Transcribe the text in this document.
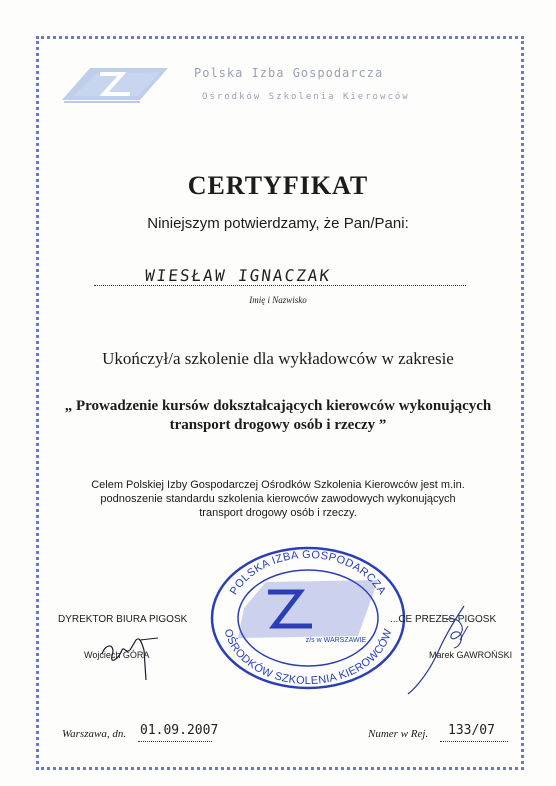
Polska Izba Gospodarcza
Ośrodków Szkolenia Kierowców
CERTYFIKAT
Niniejszym potwierdzamy, że Pan/Pani:
WIESŁAW IGNACZAK
Imię i Nazwisko
Ukończył/a szkolenie dla wykładowców w zakresie
„ Prowadzenie kursów dokształcających kierowców wykonujących
transport drogowy osób i rzeczy ”
Celem Polskiej Izby Gospodarczej Ośrodków Szkolenia Kierowców jest m.in.
podnoszenie standardu szkolenia kierowców zawodowych wykonujących
transport drogowy osób i rzeczy.
POLSKA IZBA GOSPODARCZA
OŚRODKÓW SZKOLENIA KIEROWCÓW
z/s w WARSZAWIE
DYREKTOR BIURA PIGOSK
Wojciech GÓRA
...CE PREZES PIGOSK
Marek GAWROŃSKI
Warszawa, dn. 01.09.2007	Numer w Rej. 133/07
